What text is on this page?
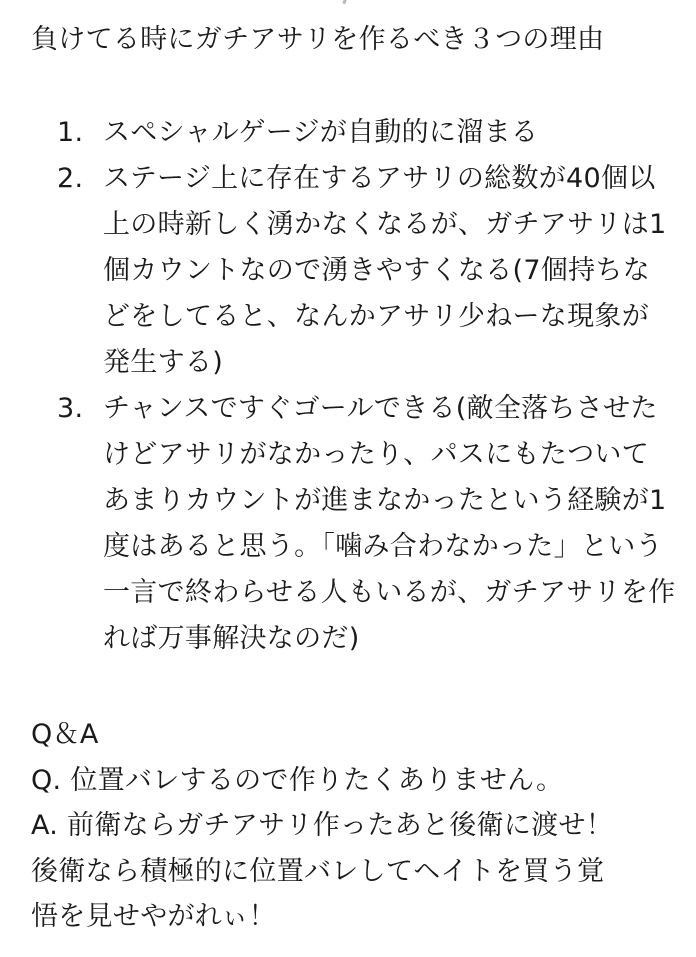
負けてる時にガチアサリを作るべき３つの理由
1. スペシャルゲージが自動的に溜まる
2. ステージ上に存在するアサリの総数が40個以上の時新しく湧かなくなるが、ガチアサリは1個カウントなので湧きやすくなる(7個持ちなどをしてると、なんかアサリ少ねーな現象が発生する)
3. チャンスですぐゴールできる(敵全落ちさせたけどアサリがなかったり、パスにもたついてあまりカウントが進まなかったという経験が1度はあると思う。「噛み合わなかった」という一言で終わらせる人もいるが、ガチアサリを作れば万事解決なのだ)
Q＆A
Q. 位置バレするので作りたくありません。
A. 前衛ならガチアサリ作ったあと後衛に渡せ！
後衛なら積極的に位置バレしてヘイトを買う覚
悟を見せやがれぃ！
